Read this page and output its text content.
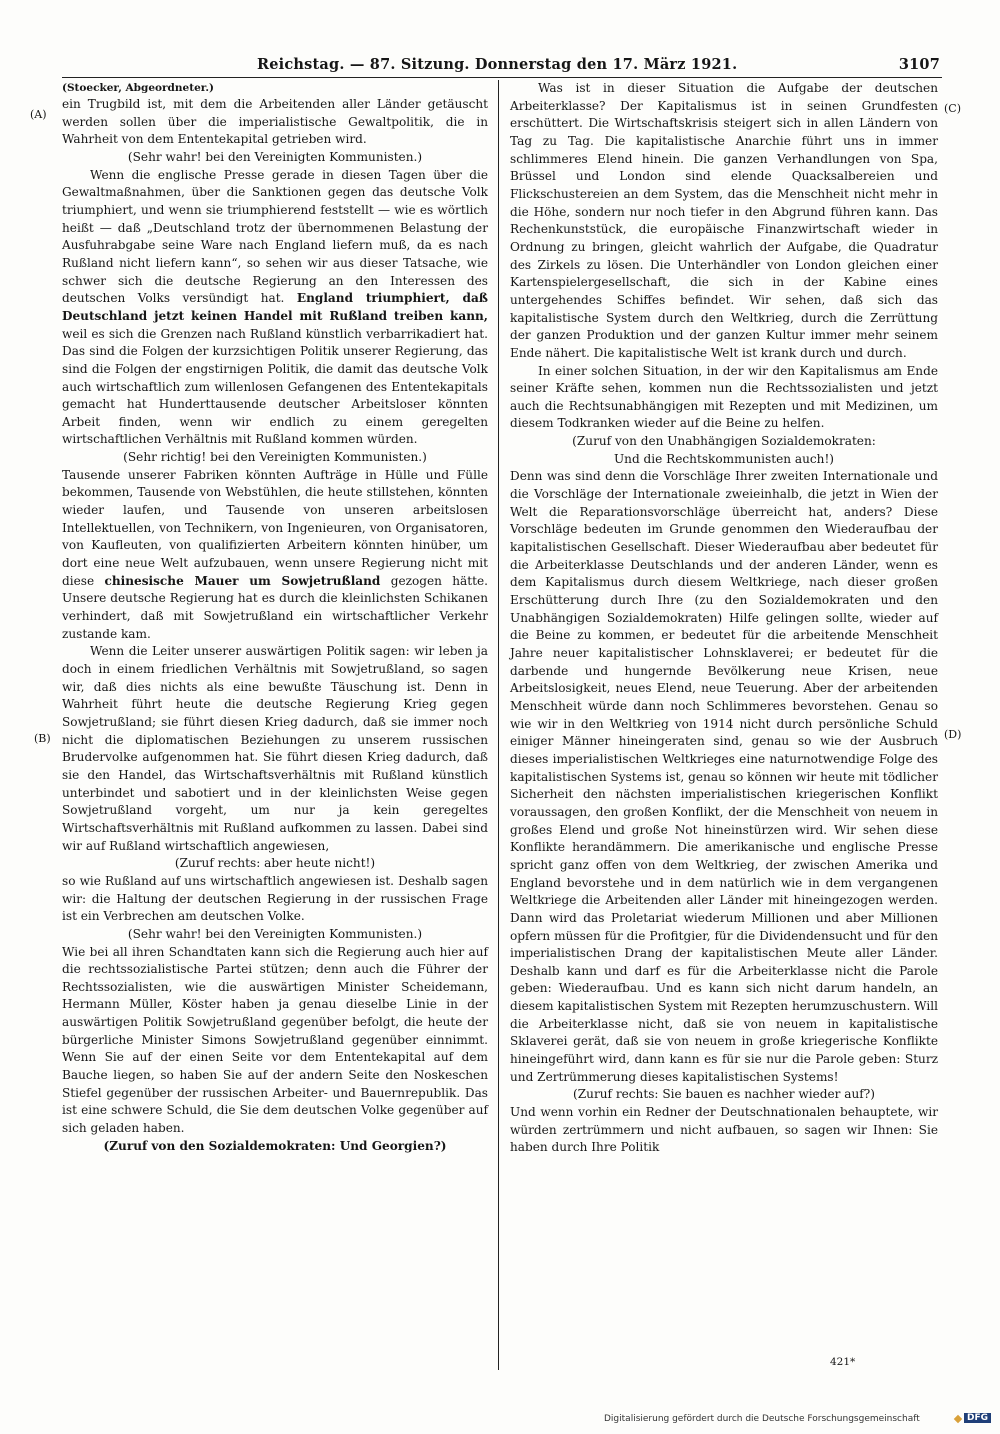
Reichstag. — 87. Sitzung. Donnerstag den 17. März 1921.	3107
(A)
(B)
(C)
(D)

(Stoecker, Abgeordneter.)

ein Trugbild ist, mit dem die Arbeitenden aller Länder getäuscht werden sollen über die imperialistische Gewaltpolitik, die in Wahrheit von dem Ententekapital getrieben wird.

(Sehr wahr! bei den Vereinigten Kommunisten.)

Wenn die englische Presse gerade in diesen Tagen über die Gewaltmaßnahmen, über die Sanktionen gegen das deutsche Volk triumphiert, und wenn sie triumphierend feststellt — wie es wörtlich heißt — daß „Deutschland trotz der übernommenen Belastung der Ausfuhrabgabe seine Ware nach England liefern muß, da es nach Rußland nicht liefern kann“, so sehen wir aus dieser Tatsache, wie schwer sich die deutsche Regierung an den Interessen des deutschen Volks versündigt hat. England triumphiert, daß Deutschland jetzt keinen Handel mit Rußland treiben kann, weil es sich die Grenzen nach Rußland künstlich verbarrikadiert hat. Das sind die Folgen der kurzsichtigen Politik unserer Regierung, das sind die Folgen der engstirnigen Politik, die damit das deutsche Volk auch wirtschaftlich zum willenlosen Gefangenen des Ententekapitals gemacht hat Hunderttausende deutscher Arbeitsloser könnten Arbeit finden, wenn wir endlich zu einem geregelten wirtschaftlichen Verhältnis mit Rußland kommen würden.

(Sehr richtig! bei den Vereinigten Kommunisten.)

Tausende unserer Fabriken könnten Aufträge in Hülle und Fülle bekommen, Tausende von Webstühlen, die heute stillstehen, könnten wieder laufen, und Tausende von unseren arbeitslosen Intellektuellen, von Technikern, von Ingenieuren, von Organisatoren, von Kaufleuten, von qualifizierten Arbeitern könnten hinüber, um dort eine neue Welt aufzubauen, wenn unsere Regierung nicht mit diese chinesische Mauer um Sowjetrußland gezogen hätte. Unsere deutsche Regierung hat es durch die kleinlichsten Schikanen verhindert, daß mit Sowjetrußland ein wirtschaftlicher Verkehr zustande kam.

Wenn die Leiter unserer auswärtigen Politik sagen: wir leben ja doch in einem friedlichen Verhältnis mit Sowjetrußland, so sagen wir, daß dies nichts als eine bewußte Täuschung ist. Denn in Wahrheit führt heute die deutsche Regierung Krieg gegen Sowjetrußland; sie führt diesen Krieg dadurch, daß sie immer noch nicht die diplomatischen Beziehungen zu unserem russischen Brudervolke aufgenommen hat. Sie führt diesen Krieg dadurch, daß sie den Handel, das Wirtschaftsverhältnis mit Rußland künstlich unterbindet und sabotiert und in der kleinlichsten Weise gegen Sowjetrußland vorgeht, um nur ja kein geregeltes Wirtschaftsverhältnis mit Rußland aufkommen zu lassen. Dabei sind wir auf Rußland wirtschaftlich angewiesen,

(Zuruf rechts: aber heute nicht!)

so wie Rußland auf uns wirtschaftlich angewiesen ist. Deshalb sagen wir: die Haltung der deutschen Regierung in der russischen Frage ist ein Verbrechen am deutschen Volke.

(Sehr wahr! bei den Vereinigten Kommunisten.)

Wie bei all ihren Schandtaten kann sich die Regierung auch hier auf die rechtssozialistische Partei stützen; denn auch die Führer der Rechtssozialisten, wie die auswärtigen Minister Scheidemann, Hermann Müller, Köster haben ja genau dieselbe Linie in der auswärtigen Politik Sowjetrußland gegenüber befolgt, die heute der bürgerliche Minister Simons Sowjetrußland gegenüber einnimmt. Wenn Sie auf der einen Seite vor dem Ententekapital auf dem Bauche liegen, so haben Sie auf der andern Seite den Noskeschen Stiefel gegenüber der russischen Arbeiter- und Bauernrepublik. Das ist eine schwere Schuld, die Sie dem deutschen Volke gegenüber auf sich geladen haben.

(Zuruf von den Sozialdemokraten: Und Georgien?)

Was ist in dieser Situation die Aufgabe der deutschen Arbeiterklasse? Der Kapitalismus ist in seinen Grundfesten erschüttert. Die Wirtschaftskrisis steigert sich in allen Ländern von Tag zu Tag. Die kapitalistische Anarchie führt uns in immer schlimmeres Elend hinein. Die ganzen Verhandlungen von Spa, Brüssel und London sind elende Quacksalbereien und Flickschustereien an dem System, das die Menschheit nicht mehr in die Höhe, sondern nur noch tiefer in den Abgrund führen kann. Das Rechenkunststück, die europäische Finanzwirtschaft wieder in Ordnung zu bringen, gleicht wahrlich der Aufgabe, die Quadratur des Zirkels zu lösen. Die Unterhändler von London gleichen einer Kartenspielergesellschaft, die sich in der Kabine eines untergehendes Schiffes befindet. Wir sehen, daß sich das kapitalistische System durch den Weltkrieg, durch die Zerrüttung der ganzen Produktion und der ganzen Kultur immer mehr seinem Ende nähert. Die kapitalistische Welt ist krank durch und durch.

In einer solchen Situation, in der wir den Kapitalismus am Ende seiner Kräfte sehen, kommen nun die Rechtssozialisten und jetzt auch die Rechtsunabhängigen mit Rezepten und mit Medizinen, um diesem Todkranken wieder auf die Beine zu helfen.

(Zuruf von den Unabhängigen Sozialdemokraten:

Und die Rechtskommunisten auch!)

Denn was sind denn die Vorschläge Ihrer zweiten Internationale und die Vorschläge der Internationale zweieinhalb, die jetzt in Wien der Welt die Reparationsvorschläge überreicht hat, anders? Diese Vorschläge bedeuten im Grunde genommen den Wiederaufbau der kapitalistischen Gesellschaft. Dieser Wiederaufbau aber bedeutet für die Arbeiterklasse Deutschlands und der anderen Länder, wenn es dem Kapitalismus durch diesem Weltkriege, nach dieser großen Erschütterung durch Ihre (zu den Sozialdemokraten und den Unabhängigen Sozialdemokraten) Hilfe gelingen sollte, wieder auf die Beine zu kommen, er bedeutet für die arbeitende Menschheit Jahre neuer kapitalistischer Lohnsklaverei; er bedeutet für die darbende und hungernde Bevölkerung neue Krisen, neue Arbeitslosigkeit, neues Elend, neue Teuerung. Aber der arbeitenden Menschheit würde dann noch Schlimmeres bevorstehen. Genau so wie wir in den Weltkrieg von 1914 nicht durch persönliche Schuld einiger Männer hineingeraten sind, genau so wie der Ausbruch dieses imperialistischen Weltkrieges eine naturnotwendige Folge des kapitalistischen Systems ist, genau so können wir heute mit tödlicher Sicherheit den nächsten imperialistischen kriegerischen Konflikt voraussagen, den großen Konflikt, der die Menschheit von neuem in großes Elend und große Not hineinstürzen wird. Wir sehen diese Konflikte herandämmern. Die amerikanische und englische Presse spricht ganz offen von dem Weltkrieg, der zwischen Amerika und England bevorstehe und in dem natürlich wie in dem vergangenen Weltkriege die Arbeitenden aller Länder mit hineingezogen werden. Dann wird das Proletariat wiederum Millionen und aber Millionen opfern müssen für die Profitgier, für die Dividendensucht und für den imperialistischen Drang der kapitalistischen Meute aller Länder. Deshalb kann und darf es für die Arbeiterklasse nicht die Parole geben: Wiederaufbau. Und es kann sich nicht darum handeln, an diesem kapitalistischen System mit Rezepten herumzuschustern. Will die Arbeiterklasse nicht, daß sie von neuem in kapitalistische Sklaverei gerät, daß sie von neuem in große kriegerische Konflikte hineingeführt wird, dann kann es für sie nur die Parole geben: Sturz und Zertrümmerung dieses kapitalistischen Systems!

(Zuruf rechts: Sie bauen es nachher wieder auf?)

Und wenn vorhin ein Redner der Deutschnationalen behauptete, wir würden zertrümmern und nicht aufbauen, so sagen wir Ihnen: Sie haben durch Ihre Politik

421*
Digitalisierung gefördert durch die Deutsche Forschungsgemeinschaft	DFG
